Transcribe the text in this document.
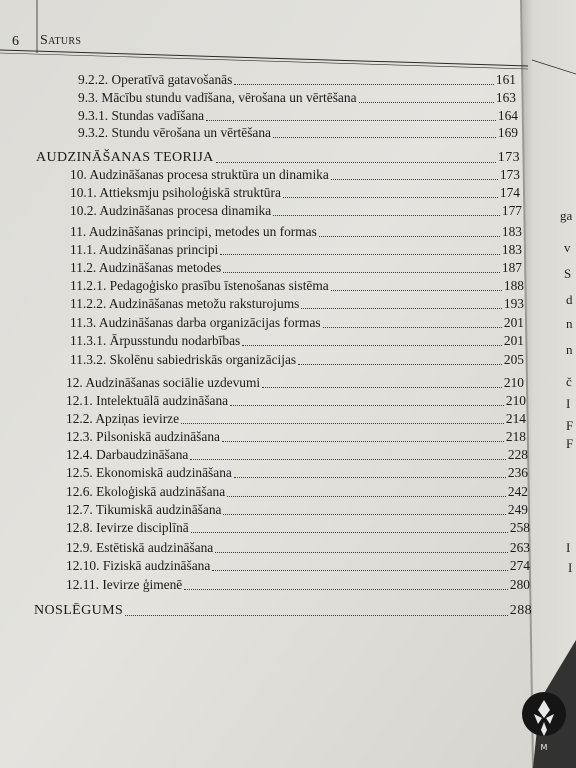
6 Saturs
9.2.2. Operatīvā gatavošanās	161
9.3. Mācību stundu vadīšana, vērošana un vērtēšana	163
9.3.1. Stundas vadīšana	164
9.3.2. Stundu vērošana un vērtēšana	169
AUDZINĀŠANAS TEORIJA	173
10. Audzināšanas procesa struktūra un dinamika	173
10.1. Attieksmju psiholoģiskā struktūra	174
10.2. Audzināšanas procesa dinamika	177
11. Audzināšanas principi, metodes un formas	183
11.1. Audzināšanas principi	183
11.2. Audzināšanas metodes	187
11.2.1. Pedagoģisko prasību īstenošanas sistēma	188
11.2.2. Audzināšanas metožu raksturojums	193
11.3. Audzināšanas darba organizācijas formas	201
11.3.1. Ārpusstundu nodarbības	201
11.3.2. Skolēnu sabiedriskās organizācijas	205
12. Audzināšanas sociālie uzdevumi	210
12.1. Intelektuālā audzināšana	210
12.2. Apziņas ievirze	214
12.3. Pilsoniskā audzināšana	218
12.4. Darbaudzināšana	228
12.5. Ekonomiskā audzināšana	236
12.6. Ekoloģiskā audzināšana	242
12.7. Tikumiskā audzināšana	249
12.8. Ievirze disciplīnā	258
12.9. Estētiskā audzināšana	263
12.10. Fiziskā audzināšana	274
12.11. Ievirze ģimenē	280
NOSLĒGUMS	288
ga
v
S
d
n
n
č
I
F
F
I
I
M
